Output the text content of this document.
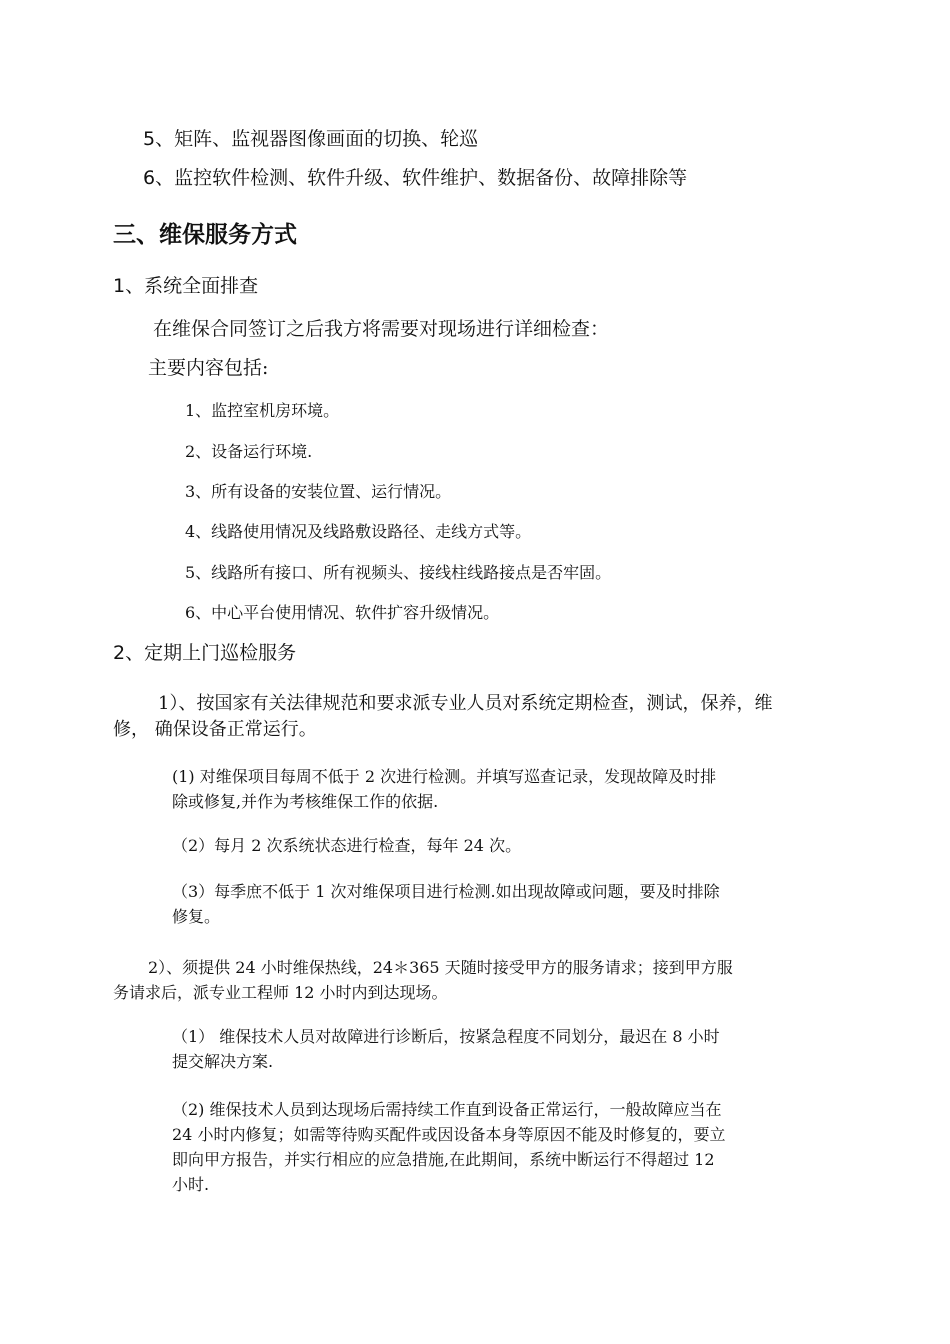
5、矩阵、监视器图像画面的切换、轮巡

6、监控软件检测、软件升级、软件维护、数据备份、故障排除等

三、维保服务方式

1、系统全面排查

在维保合同签订之后我方将需要对现场进行详细检查：

主要内容包括:

1、监控室机房环境。

2、设备运行环境.

3、所有设备的安装位置、运行情况。

4、线路使用情况及线路敷设路径、走线方式等。

5、线路所有接口、所有视频头、接线柱线路接点是否牢固。

6、中心平台使用情况、软件扩容升级情况。

2、定期上门巡检服务

1）、按国家有关法律规范和要求派专业人员对系统定期检查，测试，保养，维

修， 确保设备正常运行。

(1) 对维保项目每周不低于 2 次进行检测。并填写巡查记录，发现故障及时排

除或修复,并作为考核维保工作的依据.

（2）每月 2 次系统状态进行检查，每年 24 次。

（3）每季庶不低于 1 次对维保项目进行检测.如出现故障或问题，要及时排除

修复。

2）、须提供 24 小时维保热线，24＊365 天随时接受甲方的服务请求；接到甲方服

务请求后，派专业工程师 12 小时内到达现场。

（1） 维保技术人员对故障进行诊断后，按紧急程度不同划分，最迟在 8 小时

提交解决方案.

（2) 维保技术人员到达现场后需持续工作直到设备正常运行，一般故障应当在

24 小时内修复；如需等待购买配件或因设备本身等原因不能及时修复的，要立

即向甲方报告，并实行相应的应急措施,在此期间，系统中断运行不得超过 12

小时.
